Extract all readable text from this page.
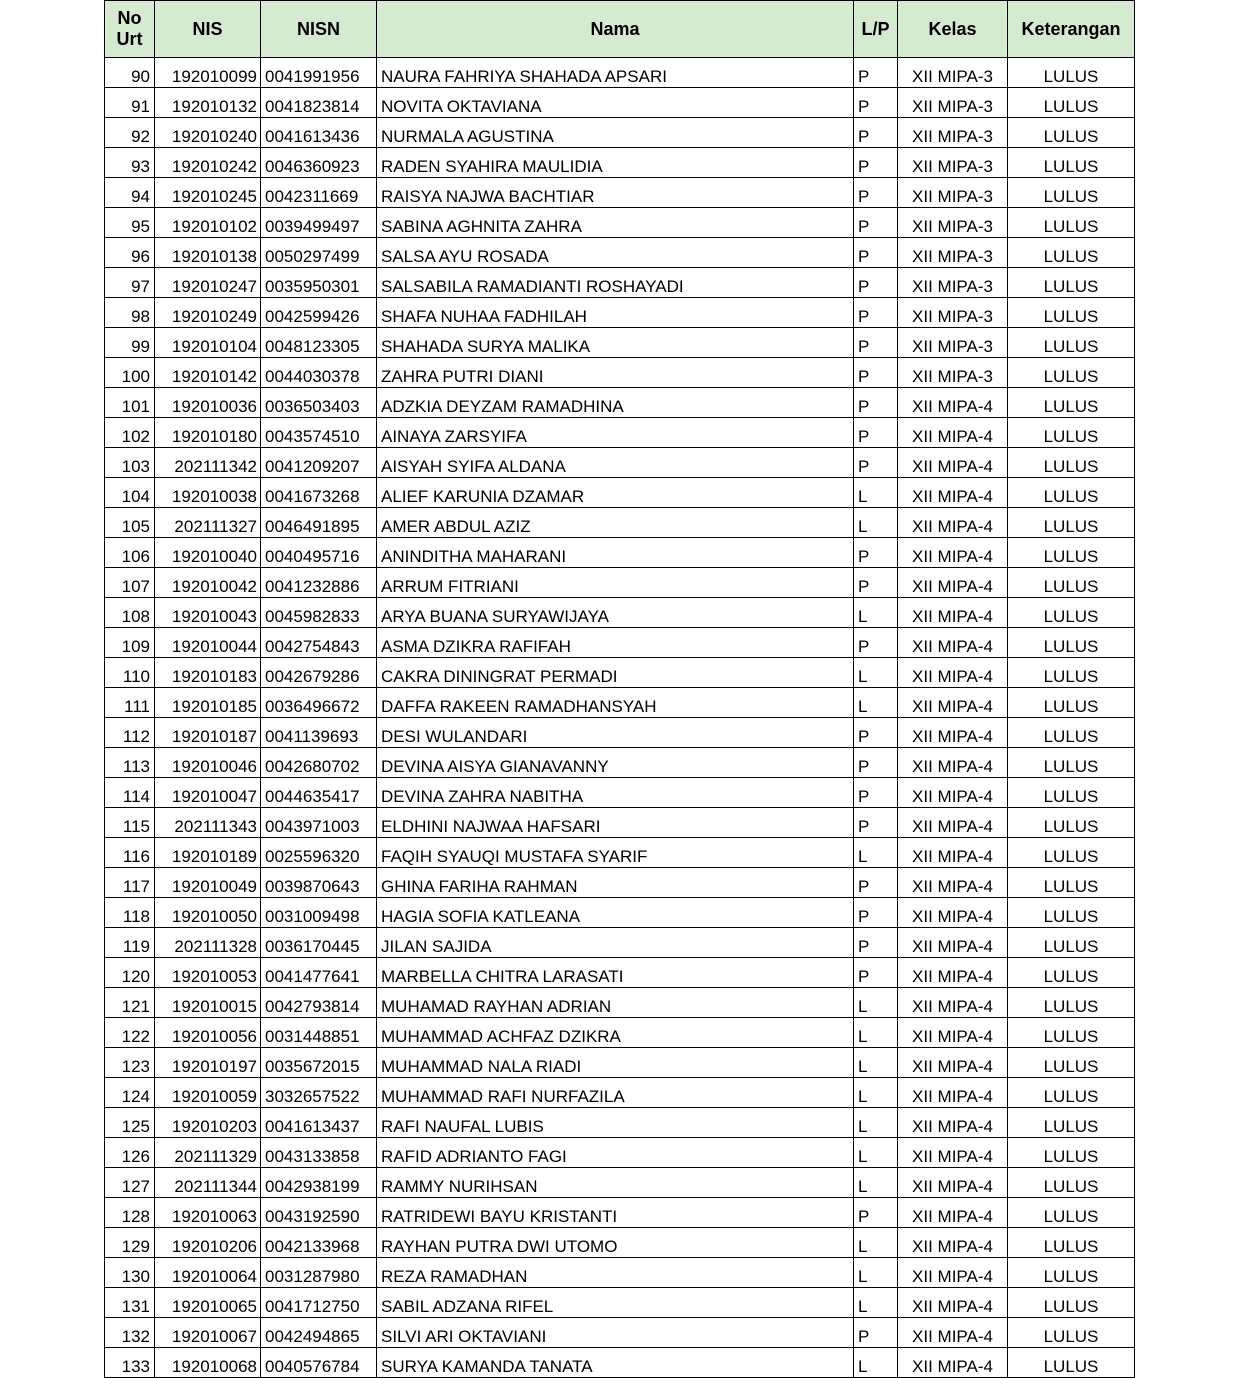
No
Urt	NIS	NISN	Nama	L/P	Kelas	Keterangan
90	192010099	0041991956	NAURA FAHRIYA SHAHADA APSARI	P	XII MIPA-3	LULUS
91	192010132	0041823814	NOVITA OKTAVIANA	P	XII MIPA-3	LULUS
92	192010240	0041613436	NURMALA AGUSTINA	P	XII MIPA-3	LULUS
93	192010242	0046360923	RADEN SYAHIRA MAULIDIA	P	XII MIPA-3	LULUS
94	192010245	0042311669	RAISYA NAJWA BACHTIAR	P	XII MIPA-3	LULUS
95	192010102	0039499497	SABINA AGHNITA ZAHRA	P	XII MIPA-3	LULUS
96	192010138	0050297499	SALSA AYU ROSADA	P	XII MIPA-3	LULUS
97	192010247	0035950301	SALSABILA RAMADIANTI ROSHAYADI	P	XII MIPA-3	LULUS
98	192010249	0042599426	SHAFA NUHAA FADHILAH	P	XII MIPA-3	LULUS
99	192010104	0048123305	SHAHADA SURYA MALIKA	P	XII MIPA-3	LULUS
100	192010142	0044030378	ZAHRA PUTRI DIANI	P	XII MIPA-3	LULUS
101	192010036	0036503403	ADZKIA DEYZAM RAMADHINA	P	XII MIPA-4	LULUS
102	192010180	0043574510	AINAYA ZARSYIFA	P	XII MIPA-4	LULUS
103	202111342	0041209207	AISYAH SYIFA ALDANA	P	XII MIPA-4	LULUS
104	192010038	0041673268	ALIEF KARUNIA DZAMAR	L	XII MIPA-4	LULUS
105	202111327	0046491895	AMER ABDUL AZIZ	L	XII MIPA-4	LULUS
106	192010040	0040495716	ANINDITHA MAHARANI	P	XII MIPA-4	LULUS
107	192010042	0041232886	ARRUM FITRIANI	P	XII MIPA-4	LULUS
108	192010043	0045982833	ARYA BUANA SURYAWIJAYA	L	XII MIPA-4	LULUS
109	192010044	0042754843	ASMA DZIKRA RAFIFAH	P	XII MIPA-4	LULUS
110	192010183	0042679286	CAKRA DININGRAT PERMADI	L	XII MIPA-4	LULUS
111	192010185	0036496672	DAFFA RAKEEN RAMADHANSYAH	L	XII MIPA-4	LULUS
112	192010187	0041139693	DESI WULANDARI	P	XII MIPA-4	LULUS
113	192010046	0042680702	DEVINA AISYA GIANAVANNY	P	XII MIPA-4	LULUS
114	192010047	0044635417	DEVINA ZAHRA NABITHA	P	XII MIPA-4	LULUS
115	202111343	0043971003	ELDHINI NAJWAA HAFSARI	P	XII MIPA-4	LULUS
116	192010189	0025596320	FAQIH SYAUQI MUSTAFA SYARIF	L	XII MIPA-4	LULUS
117	192010049	0039870643	GHINA FARIHA RAHMAN	P	XII MIPA-4	LULUS
118	192010050	0031009498	HAGIA SOFIA KATLEANA	P	XII MIPA-4	LULUS
119	202111328	0036170445	JILAN SAJIDA	P	XII MIPA-4	LULUS
120	192010053	0041477641	MARBELLA CHITRA LARASATI	P	XII MIPA-4	LULUS
121	192010015	0042793814	MUHAMAD RAYHAN ADRIAN	L	XII MIPA-4	LULUS
122	192010056	0031448851	MUHAMMAD ACHFAZ DZIKRA	L	XII MIPA-4	LULUS
123	192010197	0035672015	MUHAMMAD NALA RIADI	L	XII MIPA-4	LULUS
124	192010059	3032657522	MUHAMMAD RAFI NURFAZILA	L	XII MIPA-4	LULUS
125	192010203	0041613437	RAFI NAUFAL LUBIS	L	XII MIPA-4	LULUS
126	202111329	0043133858	RAFID ADRIANTO FAGI	L	XII MIPA-4	LULUS
127	202111344	0042938199	RAMMY NURIHSAN	L	XII MIPA-4	LULUS
128	192010063	0043192590	RATRIDEWI BAYU KRISTANTI	P	XII MIPA-4	LULUS
129	192010206	0042133968	RAYHAN PUTRA DWI UTOMO	L	XII MIPA-4	LULUS
130	192010064	0031287980	REZA RAMADHAN	L	XII MIPA-4	LULUS
131	192010065	0041712750	SABIL ADZANA RIFEL	L	XII MIPA-4	LULUS
132	192010067	0042494865	SILVI ARI OKTAVIANI	P	XII MIPA-4	LULUS
133	192010068	0040576784	SURYA KAMANDA TANATA	L	XII MIPA-4	LULUS
